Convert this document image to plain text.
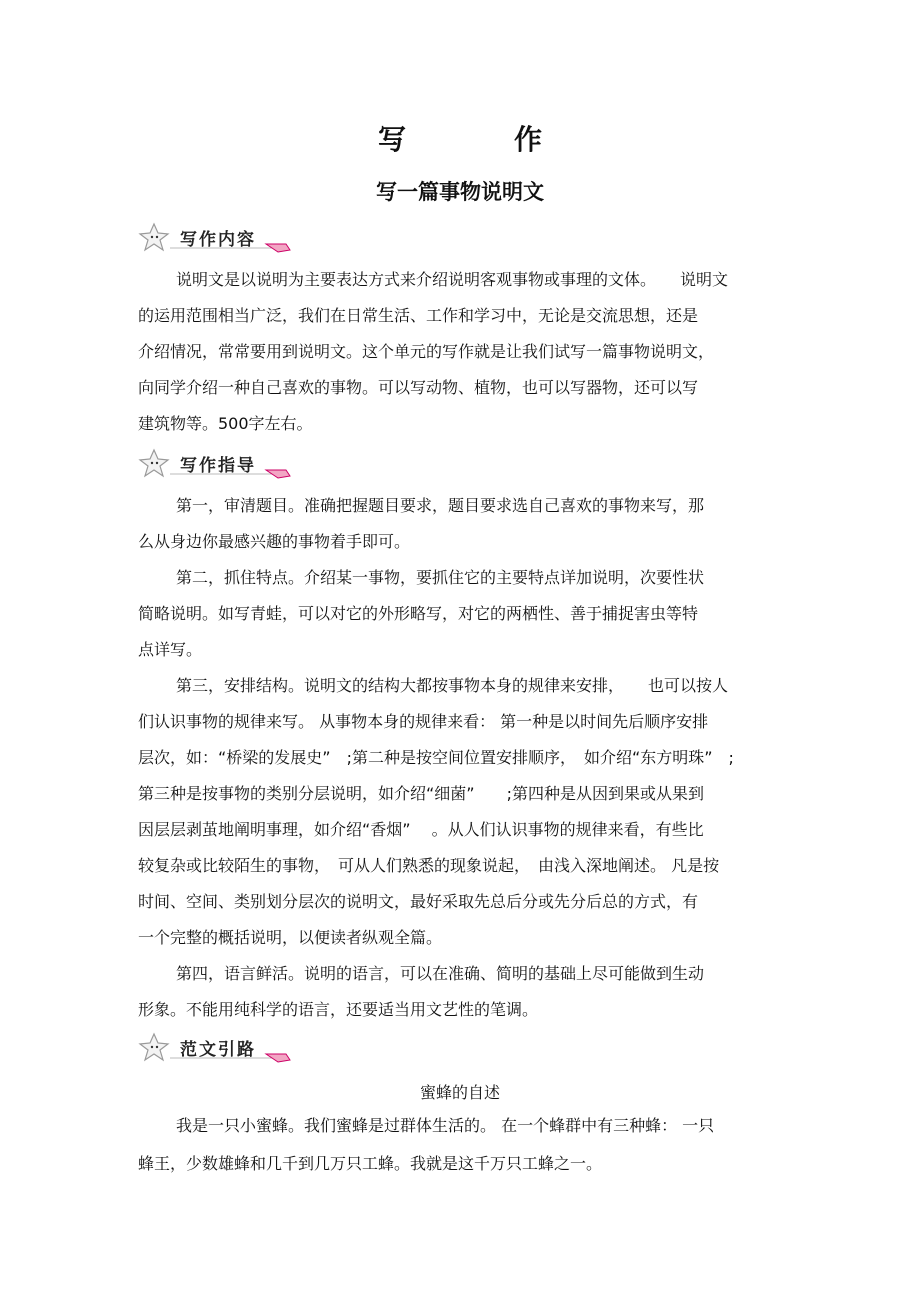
写　作
写一篇事物说明文
写作内容
说明文是以说明为主要表达方式来介绍说明客观事物或事理的文体。　　说明文
的运用范围相当广泛，我们在日常生活、工作和学习中，无论是交流思想，还是
介绍情况，常常要用到说明文。这个单元的写作就是让我们试写一篇事物说明文，
向同学介绍一种自己喜欢的事物。可以写动物、植物，也可以写器物，还可以写
建筑物等。500字左右。
写作指导
第一，审清题目。准确把握题目要求，题目要求选自己喜欢的事物来写，那
么从身边你最感兴趣的事物着手即可。
第二，抓住特点。介绍某一事物，要抓住它的主要特点详加说明，次要性状
简略说明。如写青蛙，可以对它的外形略写，对它的两栖性、善于捕捉害虫等特
点详写。
第三，安排结构。说明文的结构大都按事物本身的规律来安排，　　也可以按人
们认识事物的规律来写。 从事物本身的规律来看： 第一种是以时间先后顺序安排
层次，如：“桥梁的发展史”　;第二种是按空间位置安排顺序，　如介绍“东方明珠”　;
第三种是按事物的类别分层说明，如介绍“细菌”　　;第四种是从因到果或从果到
因层层剥茧地阐明事理，如介绍“香烟”　 。从人们认识事物的规律来看，有些比
较复杂或比较陌生的事物，　可从人们熟悉的现象说起，　由浅入深地阐述。 凡是按
时间、空间、类别划分层次的说明文，最好采取先总后分或先分后总的方式，有
一个完整的概括说明，以便读者纵观全篇。
第四，语言鲜活。说明的语言，可以在准确、简明的基础上尽可能做到生动
形象。不能用纯科学的语言，还要适当用文艺性的笔调。
范文引路
蜜蜂的自述
我是一只小蜜蜂。我们蜜蜂是过群体生活的。 在一个蜂群中有三种蜂： 一只
蜂王，少数雄蜂和几千到几万只工蜂。我就是这千万只工蜂之一。
